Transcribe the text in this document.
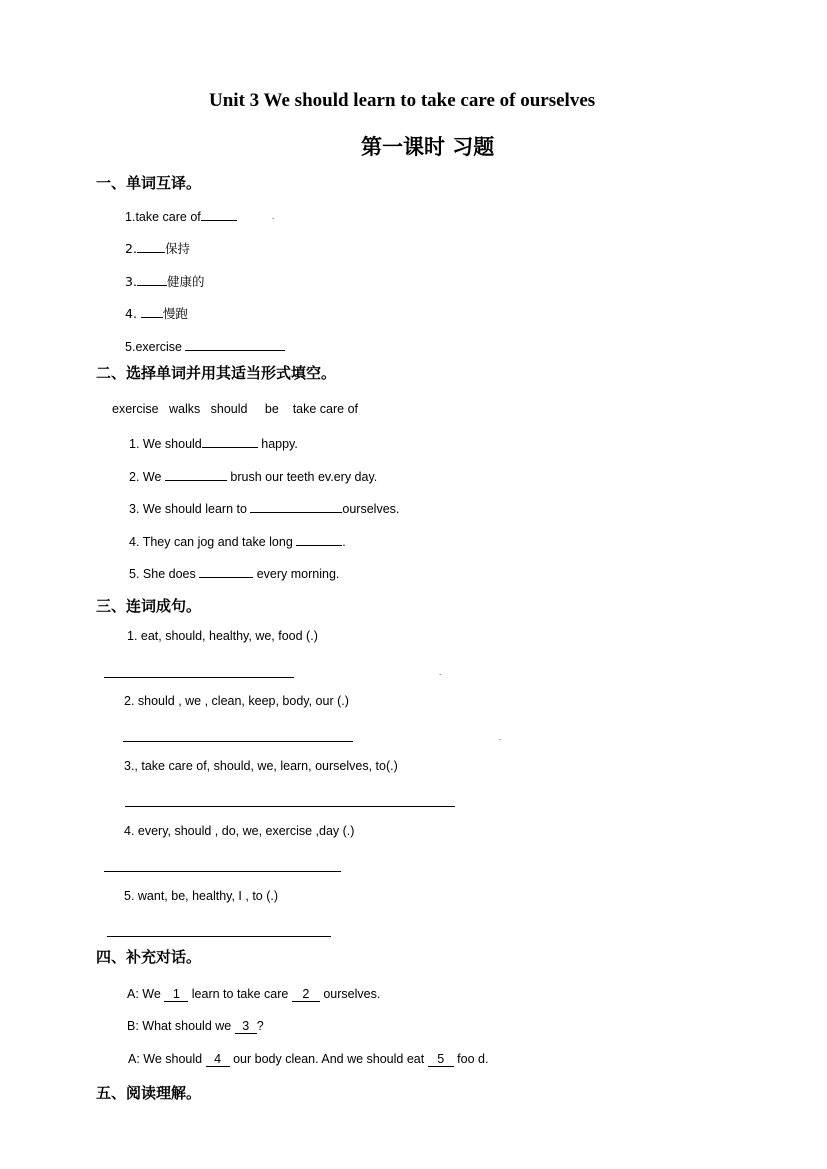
Unit 3 We should learn to take care of ourselves
第一课时 习题
一、单词互译。
1.take care of	.
2. 保持
3. 健康的
4. 慢跑
5.exercise
二、选择单词并用其适当形式填空。
exercise walks should be take care of
1. We should	happy.
2. We	brush our teeth ev.ery day.
3. We should learn to	ourselves.
4. They can jog and take long	.
5. She does	every morning.
三、连词成句。
1. eat, should, healthy, we, food (.)
.
2. should , we , clean, keep, body, our (.)
.
3., take care of, should, we, learn, ourselves, to(.)
4. every, should , do, we, exercise ,day (.)
5. want, be, healthy, I , to (.)
四、补充对话。
A: We 1 learn to take care 2 ourselves.
B: What should we 3 ?
A: We should 4 our body clean. And we should eat 5 foo d.
五、阅读理解。
